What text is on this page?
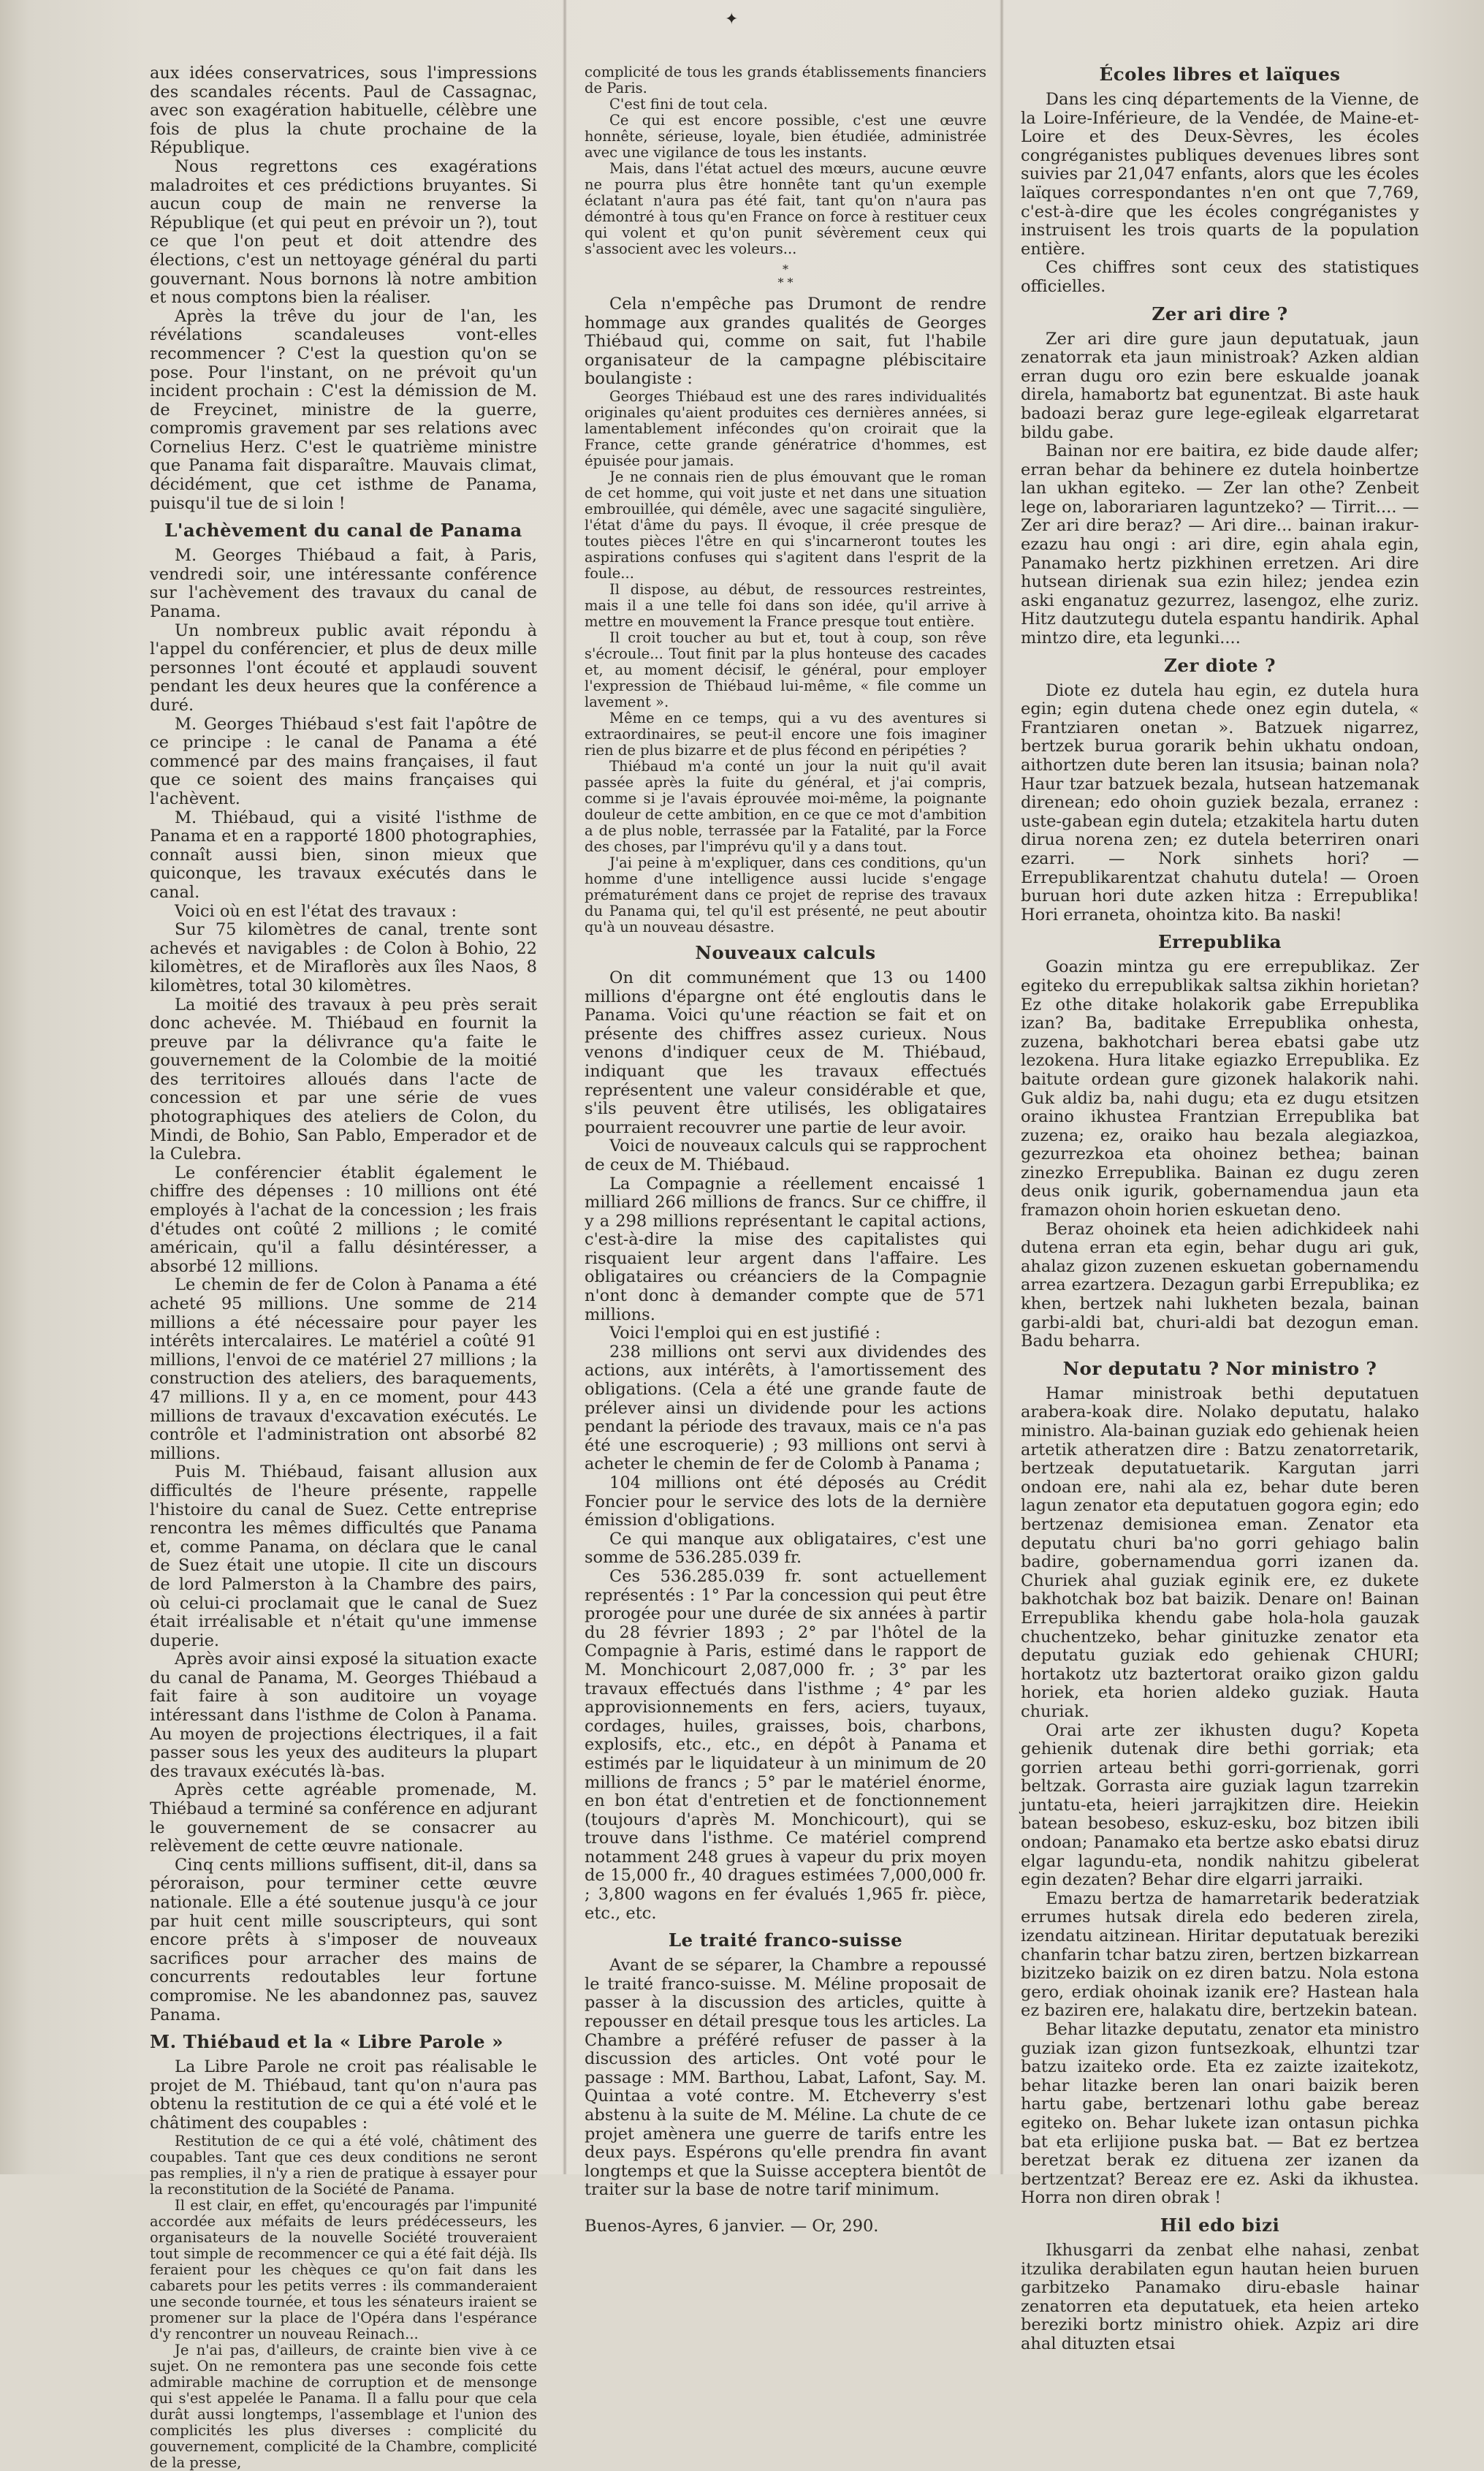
✦

aux idées conservatrices, sous l'impressions des scandales récents. Paul de Cassagnac, avec son exagération habituelle, célèbre une fois de plus la chute prochaine de la République.

Nous regrettons ces exagérations maladroites et ces prédictions bruyantes. Si aucun coup de main ne renverse la République (et qui peut en prévoir un ?), tout ce que l'on peut et doit attendre des élections, c'est un nettoyage général du parti gouvernant. Nous bornons là notre ambition et nous comptons bien la réaliser.

Après la trêve du jour de l'an, les révélations scandaleuses vont-elles recommencer ? C'est la question qu'on se pose. Pour l'instant, on ne prévoit qu'un incident prochain : C'est la démission de M. de Freycinet, ministre de la guerre, compromis gravement par ses relations avec Cornelius Herz. C'est le quatrième ministre que Panama fait disparaître. Mauvais climat, décidément, que cet isthme de Panama, puisqu'il tue de si loin !

L'achèvement du canal de Panama

M. Georges Thiébaud a fait, à Paris, vendredi soir, une intéressante conférence sur l'achèvement des travaux du canal de Panama.

Un nombreux public avait répondu à l'appel du conférencier, et plus de deux mille personnes l'ont écouté et applaudi souvent pendant les deux heures que la conférence a duré.

M. Georges Thiébaud s'est fait l'apôtre de ce principe : le canal de Panama a été commencé par des mains françaises, il faut que ce soient des mains françaises qui l'achèvent.

M. Thiébaud, qui a visité l'isthme de Panama et en a rapporté 1800 photographies, connaît aussi bien, sinon mieux que quiconque, les travaux exécutés dans le canal.

Voici où en est l'état des travaux :

Sur 75 kilomètres de canal, trente sont achevés et navigables : de Colon à Bohio, 22 kilomètres, et de Miraflorès aux îles Naos, 8 kilomètres, total 30 kilomètres.

La moitié des travaux à peu près serait donc achevée. M. Thiébaud en fournit la preuve par la délivrance qu'a faite le gouvernement de la Colombie de la moitié des territoires alloués dans l'acte de concession et par une série de vues photographiques des ateliers de Colon, du Mindi, de Bohio, San Pablo, Emperador et de la Culebra.

Le conférencier établit également le chiffre des dépenses : 10 millions ont été employés à l'achat de la concession ; les frais d'études ont coûté 2 millions ; le comité américain, qu'il a fallu désintéresser, a absorbé 12 millions.

Le chemin de fer de Colon à Panama a été acheté 95 millions. Une somme de 214 millions a été nécessaire pour payer les intérêts intercalaires. Le matériel a coûté 91 millions, l'envoi de ce matériel 27 millions ; la construction des ateliers, des baraquements, 47 millions. Il y a, en ce moment, pour 443 millions de travaux d'excavation exécutés. Le contrôle et l'administration ont absorbé 82 millions.

Puis M. Thiébaud, faisant allusion aux difficultés de l'heure présente, rappelle l'histoire du canal de Suez. Cette entreprise rencontra les mêmes difficultés que Panama et, comme Panama, on déclara que le canal de Suez était une utopie. Il cite un discours de lord Palmerston à la Chambre des pairs, où celui-ci proclamait que le canal de Suez était irréalisable et n'était qu'une immense duperie.

Après avoir ainsi exposé la situation exacte du canal de Panama, M. Georges Thiébaud a fait faire à son auditoire un voyage intéressant dans l'isthme de Colon à Panama. Au moyen de projections électriques, il a fait passer sous les yeux des auditeurs la plupart des travaux exécutés là-bas.

Après cette agréable promenade, M. Thiébaud a terminé sa conférence en adjurant le gouvernement de se consacrer au relèvement de cette œuvre nationale.

Cinq cents millions suffisent, dit-il, dans sa péroraison, pour terminer cette œuvre nationale. Elle a été soutenue jusqu'à ce jour par huit cent mille souscripteurs, qui sont encore prêts à s'imposer de nouveaux sacrifices pour arracher des mains de concurrents redoutables leur fortune compromise. Ne les abandonnez pas, sauvez Panama.

M. Thiébaud et la « Libre Parole »

La Libre Parole ne croit pas réalisable le projet de M. Thiébaud, tant qu'on n'aura pas obtenu la restitution de ce qui a été volé et le châtiment des coupables :

Restitution de ce qui a été volé, châtiment des coupables. Tant que ces deux conditions ne seront pas remplies, il n'y a rien de pratique à essayer pour la reconstitution de la Société de Panama.

Il est clair, en effet, qu'encouragés par l'impunité accordée aux méfaits de leurs prédécesseurs, les organisateurs de la nouvelle Société trouveraient tout simple de recommencer ce qui a été fait déjà. Ils feraient pour les chèques ce qu'on fait dans les cabarets pour les petits verres : ils commanderaient une seconde tournée, et tous les sénateurs iraient se promener sur la place de l'Opéra dans l'espérance d'y rencontrer un nouveau Reinach...

Je n'ai pas, d'ailleurs, de crainte bien vive à ce sujet. On ne remontera pas une seconde fois cette admirable machine de corruption et de mensonge qui s'est appelée le Panama. Il a fallu pour que cela durât aussi longtemps, l'assemblage et l'union des complicités les plus diverses : complicité du gouvernement, complicité de la Chambre, complicité de la presse,

complicité de tous les grands établissements financiers de Paris.

C'est fini de tout cela.

Ce qui est encore possible, c'est une œuvre honnête, sérieuse, loyale, bien étudiée, administrée avec une vigilance de tous les instants.

Mais, dans l'état actuel des mœurs, aucune œuvre ne pourra plus être honnête tant qu'un exemple éclatant n'aura pas été fait, tant qu'on n'aura pas démontré à tous qu'en France on force à restituer ceux qui volent et qu'on punit sévèrement ceux qui s'associent avec les voleurs...

*
* *

Cela n'empêche pas Drumont de rendre hommage aux grandes qualités de Georges Thiébaud qui, comme on sait, fut l'habile organisateur de la campagne plébiscitaire boulangiste :

Georges Thiébaud est une des rares individualités originales qu'aient produites ces dernières années, si lamentablement infécondes qu'on croirait que la France, cette grande génératrice d'hommes, est épuisée pour jamais.

Je ne connais rien de plus émouvant que le roman de cet homme, qui voit juste et net dans une situation embrouillée, qui démêle, avec une sagacité singulière, l'état d'âme du pays. Il évoque, il crée presque de toutes pièces l'être en qui s'incarneront toutes les aspirations confuses qui s'agitent dans l'esprit de la foule...

Il dispose, au début, de ressources restreintes, mais il a une telle foi dans son idée, qu'il arrive à mettre en mouvement la France presque tout entière.

Il croit toucher au but et, tout à coup, son rêve s'écroule... Tout finit par la plus honteuse des cacades et, au moment décisif, le général, pour employer l'expression de Thiébaud lui-même, « file comme un lavement ».

Même en ce temps, qui a vu des aventures si extraordinaires, se peut-il encore une fois imaginer rien de plus bizarre et de plus fécond en péripéties ?

Thiébaud m'a conté un jour la nuit qu'il avait passée après la fuite du général, et j'ai compris, comme si je l'avais éprouvée moi-même, la poignante douleur de cette ambition, en ce que ce mot d'ambition a de plus noble, terrassée par la Fatalité, par la Force des choses, par l'imprévu qu'il y a dans tout.

J'ai peine à m'expliquer, dans ces conditions, qu'un homme d'une intelligence aussi lucide s'engage prématurément dans ce projet de reprise des travaux du Panama qui, tel qu'il est présenté, ne peut aboutir qu'à un nouveau désastre.

Nouveaux calculs

On dit communément que 13 ou 1400 millions d'épargne ont été engloutis dans le Panama. Voici qu'une réaction se fait et on présente des chiffres assez curieux. Nous venons d'indiquer ceux de M. Thiébaud, indiquant que les travaux effectués représentent une valeur considérable et que, s'ils peuvent être utilisés, les obligataires pourraient recouvrer une partie de leur avoir.

Voici de nouveaux calculs qui se rapprochent de ceux de M. Thiébaud.

La Compagnie a réellement encaissé 1 milliard 266 millions de francs. Sur ce chiffre, il y a 298 millions représentant le capital actions, c'est-à-dire la mise des capitalistes qui risquaient leur argent dans l'affaire. Les obligataires ou créanciers de la Compagnie n'ont donc à demander compte que de 571 millions.

Voici l'emploi qui en est justifié :

238 millions ont servi aux dividendes des actions, aux intérêts, à l'amortissement des obligations. (Cela a été une grande faute de prélever ainsi un dividende pour les actions pendant la période des travaux, mais ce n'a pas été une escroquerie) ; 93 millions ont servi à acheter le chemin de fer de Colomb à Panama ;

104 millions ont été déposés au Crédit Foncier pour le service des lots de la dernière émission d'obligations.

Ce qui manque aux obligataires, c'est une somme de 536.285.039 fr.

Ces 536.285.039 fr. sont actuellement représentés : 1° Par la concession qui peut être prorogée pour une durée de six années à partir du 28 février 1893 ; 2° par l'hôtel de la Compagnie à Paris, estimé dans le rapport de M. Monchicourt 2,087,000 fr. ; 3° par les travaux effectués dans l'isthme ; 4° par les approvisionnements en fers, aciers, tuyaux, cordages, huiles, graisses, bois, charbons, explosifs, etc., etc., en dépôt à Panama et estimés par le liquidateur à un minimum de 20 millions de francs ; 5° par le matériel énorme, en bon état d'entretien et de fonctionnement (toujours d'après M. Monchicourt), qui se trouve dans l'isthme. Ce matériel comprend notamment 248 grues à vapeur du prix moyen de 15,000 fr., 40 dragues estimées 7,000,000 fr. ; 3,800 wagons en fer évalués 1,965 fr. pièce, etc., etc.

Le traité franco-suisse

Avant de se séparer, la Chambre a repoussé le traité franco-suisse. M. Méline proposait de passer à la discussion des articles, quitte à repousser en détail presque tous les articles. La Chambre a préféré refuser de passer à la discussion des articles. Ont voté pour le passage : MM. Barthou, Labat, Lafont, Say. M. Quintaa a voté contre. M. Etcheverry s'est abstenu à la suite de M. Méline. La chute de ce projet amènera une guerre de tarifs entre les deux pays. Espérons qu'elle prendra fin avant longtemps et que la Suisse acceptera bientôt de traiter sur la base de notre tarif minimum.

Buenos-Ayres, 6 janvier. — Or, 290.

Écoles libres et laïques

Dans les cinq départements de la Vienne, de la Loire-Inférieure, de la Vendée, de Maine-et-Loire et des Deux-Sèvres, les écoles congréganistes publiques devenues libres sont suivies par 21,047 enfants, alors que les écoles laïques correspondantes n'en ont que 7,769, c'est-à-dire que les écoles congréganistes y instruisent les trois quarts de la population entière.

Ces chiffres sont ceux des statistiques officielles.

Zer ari dire ?

Zer ari dire gure jaun deputatuak, jaun zenatorrak eta jaun ministroak? Azken aldian erran dugu oro ezin bere eskualde joanak direla, hamabortz bat egunentzat. Bi aste hauk badoazi beraz gure lege-egileak elgarretarat bildu gabe.

Bainan nor ere baitira, ez bide daude alfer; erran behar da behinere ez dutela hoinbertze lan ukhan egiteko. — Zer lan othe? Zenbeit lege on, laborariaren laguntzeko? — Tirrit.... — Zer ari dire beraz? — Ari dire... bainan irakur-ezazu hau ongi : ari dire, egin ahala egin, Panamako hertz pizkhinen erretzen. Ari dire hutsean dirienak sua ezin hilez; jendea ezin aski enganatuz gezurrez, lasengoz, elhe zuriz. Hitz dautzutegu dutela espantu handirik. Aphal mintzo dire, eta legunki....

Zer diote ?

Diote ez dutela hau egin, ez dutela hura egin; egin dutena chede onez egin dutela, « Frantziaren onetan ». Batzuek nigarrez, bertzek burua gorarik behin ukhatu ondoan, aithortzen dute beren lan itsusia; bainan nola? Haur tzar batzuek bezala, hutsean hatzemanak direnean; edo ohoin guziek bezala, erranez : uste-gabean egin dutela; etzakitela hartu duten dirua norena zen; ez dutela beterriren onari ezarri. — Nork sinhets hori? — Errepublikarentzat chahutu dutela! — Oroen buruan hori dute azken hitza : Errepublika! Hori erraneta, ohointza kito. Ba naski!

Errepublika

Goazin mintza gu ere errepublikaz. Zer egiteko du errepublikak saltsa zikhin horietan? Ez othe ditake holakorik gabe Errepublika izan? Ba, baditake Errepublika onhesta, zuzena, bakhotchari berea ebatsi gabe utz lezokena. Hura litake egiazko Errepublika. Ez baitute ordean gure gizonek halakorik nahi. Guk aldiz ba, nahi dugu; eta ez dugu etsitzen oraino ikhustea Frantzian Errepublika bat zuzena; ez, oraiko hau bezala alegiazkoa, gezurrezkoa eta ohoinez bethea; bainan zinezko Errepublika. Bainan ez dugu zeren deus onik igurik, gobernamendua jaun eta framazon ohoin horien eskuetan deno.

Beraz ohoinek eta heien adichkideek nahi dutena erran eta egin, behar dugu ari guk, ahalaz gizon zuzenen eskuetan gobernamendu arrea ezartzera. Dezagun garbi Errepublika; ez khen, bertzek nahi lukheten bezala, bainan garbi-aldi bat, churi-aldi bat dezogun eman. Badu beharra.

Nor deputatu ? Nor ministro ?

Hamar ministroak bethi deputatuen arabera-koak dire. Nolako deputatu, halako ministro. Ala-bainan guziak edo gehienak heien artetik atheratzen dire : Batzu zenatorretarik, bertzeak deputatuetarik. Kargutan jarri ondoan ere, nahi ala ez, behar dute beren lagun zenator eta deputatuen gogora egin; edo bertzenaz demisionea eman. Zenator eta deputatu churi ba'no gorri gehiago balin badire, gobernamendua gorri izanen da. Churiek ahal guziak eginik ere, ez dukete bakhotchak boz bat baizik. Denare on! Bainan Errepublika khendu gabe hola-hola gauzak chuchentzeko, behar ginituzke zenator eta deputatu guziak edo gehienak CHURI; hortakotz utz baztertorat oraiko gizon galdu horiek, eta horien aldeko guziak. Hauta churiak.

Orai arte zer ikhusten dugu? Kopeta gehienik dutenak dire bethi gorriak; eta gorrien arteau bethi gorri-gorrienak, gorri beltzak. Gorrasta aire guziak lagun tzarrekin juntatu-eta, heieri jarrajkitzen dire. Heiekin batean besobeso, eskuz-esku, boz bitzen ibili ondoan; Panamako eta bertze asko ebatsi diruz elgar lagundu-eta, nondik nahitzu gibelerat egin dezaten? Behar dire elgarri jarraiki.

Emazu bertza de hamarretarik bederatziak errumes hutsak direla edo bederen zirela, izendatu aitzinean. Hiritar deputatuak bereziki chanfarin tchar batzu ziren, bertzen bizkarrean bizitzeko baizik on ez diren batzu. Nola estona gero, erdiak ohoinak izanik ere? Hastean hala ez baziren ere, halakatu dire, bertzekin batean.

Behar litazke deputatu, zenator eta ministro guziak izan gizon funtsezkoak, elhuntzi tzar batzu izaiteko orde. Eta ez zaizte izaitekotz, behar litazke beren lan onari baizik beren hartu gabe, bertzenari lothu gabe bereaz egiteko on. Behar lukete izan ontasun pichka bat eta erlijione puska bat. — Bat ez bertzea beretzat berak ez dituena zer izanen da bertzentzat? Bereaz ere ez. Aski da ikhustea. Horra non diren obrak !

Hil edo bizi

Ikhusgarri da zenbat elhe nahasi, zenbat itzulika derabilaten egun hautan heien buruen garbitzeko Panamako diru-ebasle hainar zenatorren eta deputatuek, eta heien arteko bereziki bortz ministro ohiek. Azpiz ari dire ahal dituzten etsai
